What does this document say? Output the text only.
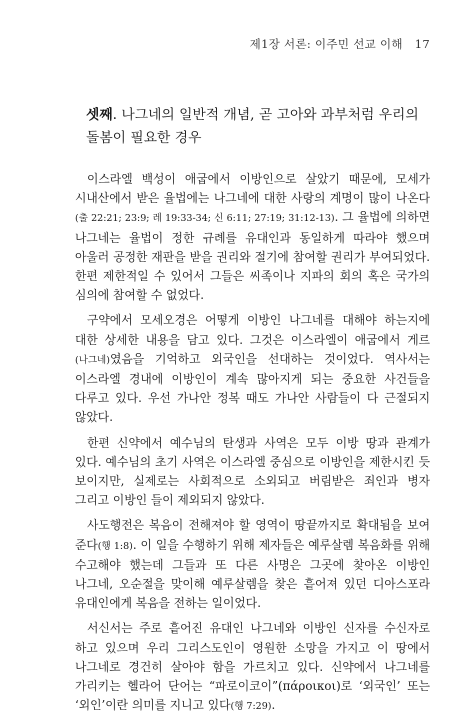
제1장 서론: 이주민 선교 이해 17
셋째. 나그네의 일반적 개념, 곧 고아와 과부처럼 우리의 돌봄이 필요한 경우

이스라엘 백성이 애굽에서 이방인으로 살았기 때문에, 모세가 시내산에서 받은 율법에는 나그네에 대한 사랑의 계명이 많이 나온다(출 22:21; 23:9; 레 19:33-34; 신 6:11; 27:19; 31:12-13). 그 율법에 의하면 나그네는 율법이 정한 규례를 유대인과 동일하게 따라야 했으며 아울러 공정한 재판을 받을 권리와 절기에 참여할 권리가 부여되었다. 한편 제한적일 수 있어서 그들은 씨족이나 지파의 회의 혹은 국가의 심의에 참여할 수 없었다.

구약에서 모세오경은 어떻게 이방인 나그네를 대해야 하는지에 대한 상세한 내용을 담고 있다. 그것은 이스라엘이 애굽에서 게르(나그네)였음을 기억하고 외국인을 선대하는 것이었다. 역사서는 이스라엘 경내에 이방인이 계속 많아지게 되는 중요한 사건들을 다루고 있다. 우선 가나안 정복 때도 가나안 사람들이 다 근절되지 않았다.

한편 신약에서 예수님의 탄생과 사역은 모두 이방 땅과 관계가 있다. 예수님의 초기 사역은 이스라엘 중심으로 이방인을 제한시킨 듯 보이지만, 실제로는 사회적으로 소외되고 버림받은 죄인과 병자 그리고 이방인 들이 제외되지 않았다.

사도행전은 복음이 전해져야 할 영역이 땅끝까지로 확대됨을 보여 준다(행 1:8). 이 일을 수행하기 위해 제자들은 예루살렘 복음화를 위해 수고해야 했는데 그들과 또 다른 사명은 그곳에 찾아온 이방인 나그네, 오순절을 맞이해 예루살렘을 찾은 흩어져 있던 디아스포라 유대인에게 복음을 전하는 일이었다.

서신서는 주로 흩어진 유대인 나그네와 이방인 신자를 수신자로 하고 있으며 우리 그리스도인이 영원한 소망을 가지고 이 땅에서 나그네로 경건히 살아야 함을 가르치고 있다. 신약에서 나그네를 가리키는 헬라어 단어는 “파로이코이”(πάροικοι)로 ‘외국인’ 또는 ‘외인’이란 의미를 지니고 있다(행 7:29).
